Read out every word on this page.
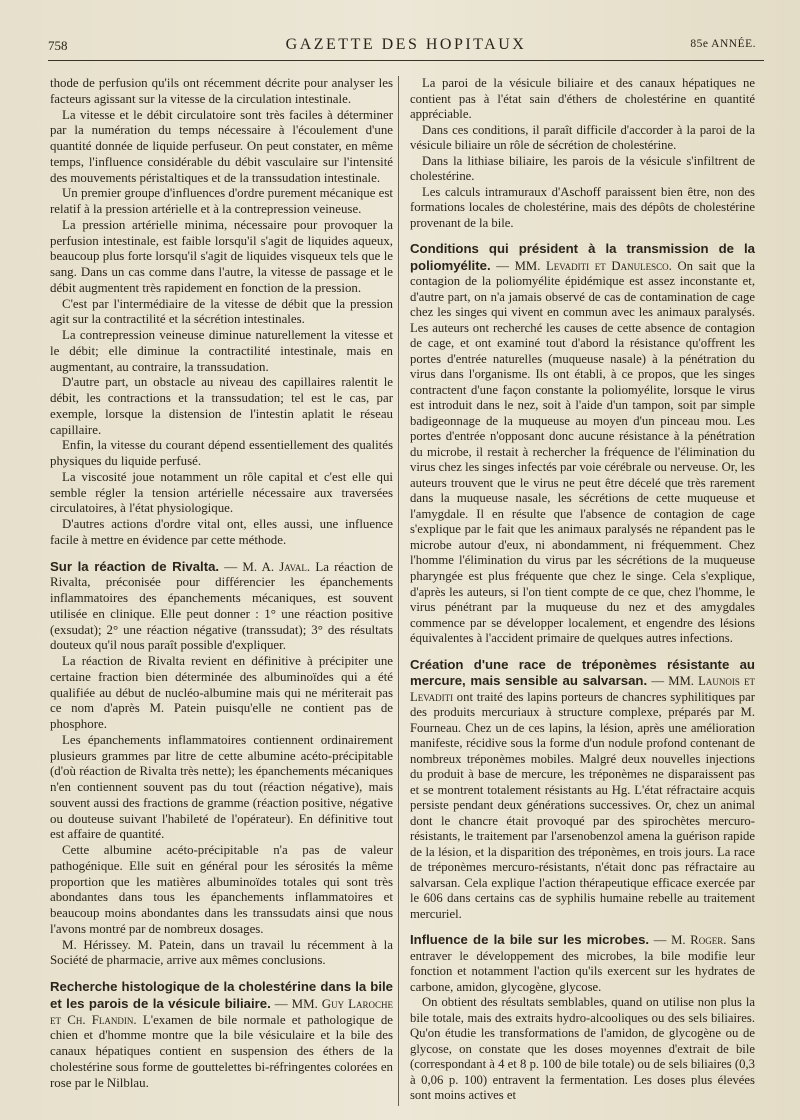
758	GAZETTE DES HOPITAUX	85e ANNÉE.

thode de perfusion qu'ils ont récemment décrite pour analyser les facteurs agissant sur la vitesse de la circulation intestinale.

La vitesse et le débit circulatoire sont très faciles à déterminer par la numération du temps nécessaire à l'écoulement d'une quantité donnée de liquide perfuseur. On peut constater, en même temps, l'influence considérable du débit vasculaire sur l'intensité des mouvements péristaltiques et de la transsudation intestinale.

Un premier groupe d'influences d'ordre purement mécanique est relatif à la pression artérielle et à la contrepression veineuse.

La pression artérielle minima, nécessaire pour provoquer la perfusion intestinale, est faible lorsqu'il s'agit de liquides aqueux, beaucoup plus forte lorsqu'il s'agit de liquides visqueux tels que le sang. Dans un cas comme dans l'autre, la vitesse de passage et le débit augmentent très rapidement en fonction de la pression.

C'est par l'intermédiaire de la vitesse de débit que la pression agit sur la contractilité et la sécrétion intestinales.

La contrepression veineuse diminue naturellement la vitesse et le débit; elle diminue la contractilité intestinale, mais en augmentant, au contraire, la transsudation.

D'autre part, un obstacle au niveau des capillaires ralentit le débit, les contractions et la transsudation; tel est le cas, par exemple, lorsque la distension de l'intestin aplatit le réseau capillaire.

Enfin, la vitesse du courant dépend essentiellement des qualités physiques du liquide perfusé.

La viscosité joue notamment un rôle capital et c'est elle qui semble régler la tension artérielle nécessaire aux traversées circulatoires, à l'état physiologique.

D'autres actions d'ordre vital ont, elles aussi, une influence facile à mettre en évidence par cette méthode.

Sur la réaction de Rivalta. — M. A. Javal. La réaction de Rivalta, préconisée pour différencier les épanchements inflammatoires des épanchements mécaniques, est souvent utilisée en clinique. Elle peut donner : 1° une réaction positive (exsudat); 2° une réaction négative (transsudat); 3° des résultats douteux qu'il nous paraît possible d'expliquer.

La réaction de Rivalta revient en définitive à précipiter une certaine fraction bien déterminée des albuminoïdes qui a été qualifiée au début de nucléo-albumine mais qui ne mériterait pas ce nom d'après M. Patein puisqu'elle ne contient pas de phosphore.

Les épanchements inflammatoires contiennent ordinairement plusieurs grammes par litre de cette albumine acéto-précipitable (d'où réaction de Rivalta très nette); les épanchements mécaniques n'en contiennent souvent pas du tout (réaction négative), mais souvent aussi des fractions de gramme (réaction positive, négative ou douteuse suivant l'habileté de l'opérateur). En définitive tout est affaire de quantité.

Cette albumine acéto-précipitable n'a pas de valeur pathogénique. Elle suit en général pour les sérosités la même proportion que les matières albuminoïdes totales qui sont très abondantes dans tous les épanchements inflammatoires et beaucoup moins abondantes dans les transsudats ainsi que nous l'avons montré par de nombreux dosages.

M. Hérissey. M. Patein, dans un travail lu récemment à la Société de pharmacie, arrive aux mêmes conclusions.

Recherche histologique de la cholestérine dans la bile et les parois de la vésicule biliaire. — MM. Guy Laroche et Ch. Flandin. L'examen de bile normale et pathologique de chien et d'homme montre que la bile vésiculaire et la bile des canaux hépatiques contient en suspension des éthers de la cholestérine sous forme de gouttelettes bi-réfringentes colorées en rose par le Nilblau.

La paroi de la vésicule biliaire et des canaux hépatiques ne contient pas à l'état sain d'éthers de cholestérine en quantité appréciable.

Dans ces conditions, il paraît difficile d'accorder à la paroi de la vésicule biliaire un rôle de sécrétion de cholestérine.

Dans la lithiase biliaire, les parois de la vésicule s'infiltrent de cholestérine.

Les calculs intramuraux d'Aschoff paraissent bien être, non des formations locales de cholestérine, mais des dépôts de cholestérine provenant de la bile.

Conditions qui président à la transmission de la poliomyélite. — MM. Levaditi et Danulesco. On sait que la contagion de la poliomyélite épidémique est assez inconstante et, d'autre part, on n'a jamais observé de cas de contamination de cage chez les singes qui vivent en commun avec les animaux paralysés. Les auteurs ont recherché les causes de cette absence de contagion de cage, et ont examiné tout d'abord la résistance qu'offrent les portes d'entrée naturelles (muqueuse nasale) à la pénétration du virus dans l'organisme. Ils ont établi, à ce propos, que les singes contractent d'une façon constante la poliomyélite, lorsque le virus est introduit dans le nez, soit à l'aide d'un tampon, soit par simple badigeonnage de la muqueuse au moyen d'un pinceau mou. Les portes d'entrée n'opposant donc aucune résistance à la pénétration du microbe, il restait à rechercher la fréquence de l'élimination du virus chez les singes infectés par voie cérébrale ou nerveuse. Or, les auteurs trouvent que le virus ne peut être décelé que très rarement dans la muqueuse nasale, les sécrétions de cette muqueuse et l'amygdale. Il en résulte que l'absence de contagion de cage s'explique par le fait que les animaux paralysés ne répandent pas le microbe autour d'eux, ni abondamment, ni fréquemment. Chez l'homme l'élimination du virus par les sécrétions de la muqueuse pharyngée est plus fréquente que chez le singe. Cela s'explique, d'après les auteurs, si l'on tient compte de ce que, chez l'homme, le virus pénétrant par la muqueuse du nez et des amygdales commence par se développer localement, et engendre des lésions équivalentes à l'accident primaire de quelques autres infections.

Création d'une race de tréponèmes résistante au mercure, mais sensible au salvarsan. — MM. Launois et Levaditi ont traité des lapins porteurs de chancres syphilitiques par des produits mercuriaux à structure complexe, préparés par M. Fourneau. Chez un de ces lapins, la lésion, après une amélioration manifeste, récidive sous la forme d'un nodule profond contenant de nombreux tréponèmes mobiles. Malgré deux nouvelles injections du produit à base de mercure, les tréponèmes ne disparaissent pas et se montrent totalement résistants au Hg. L'état réfractaire acquis persiste pendant deux générations successives. Or, chez un animal dont le chancre était provoqué par des spirochètes mercuro-résistants, le traitement par l'arsenobenzol amena la guérison rapide de la lésion, et la disparition des tréponèmes, en trois jours. La race de tréponèmes mercuro-résistants, n'était donc pas réfractaire au salvarsan. Cela explique l'action thérapeutique efficace exercée par le 606 dans certains cas de syphilis humaine rebelle au traitement mercuriel.

Influence de la bile sur les microbes. — M. Roger. Sans entraver le développement des microbes, la bile modifie leur fonction et notamment l'action qu'ils exercent sur les hydrates de carbone, amidon, glycogène, glycose.

On obtient des résultats semblables, quand on utilise non plus la bile totale, mais des extraits hydro-alcooliques ou des sels biliaires. Qu'on étudie les transformations de l'amidon, de glycogène ou de glycose, on constate que les doses moyennes d'extrait de bile (correspondant à 4 et 8 p. 100 de bile totale) ou de sels biliaires (0,3 à 0,06 p. 100) entravent la fermentation. Les doses plus élevées sont moins actives et
